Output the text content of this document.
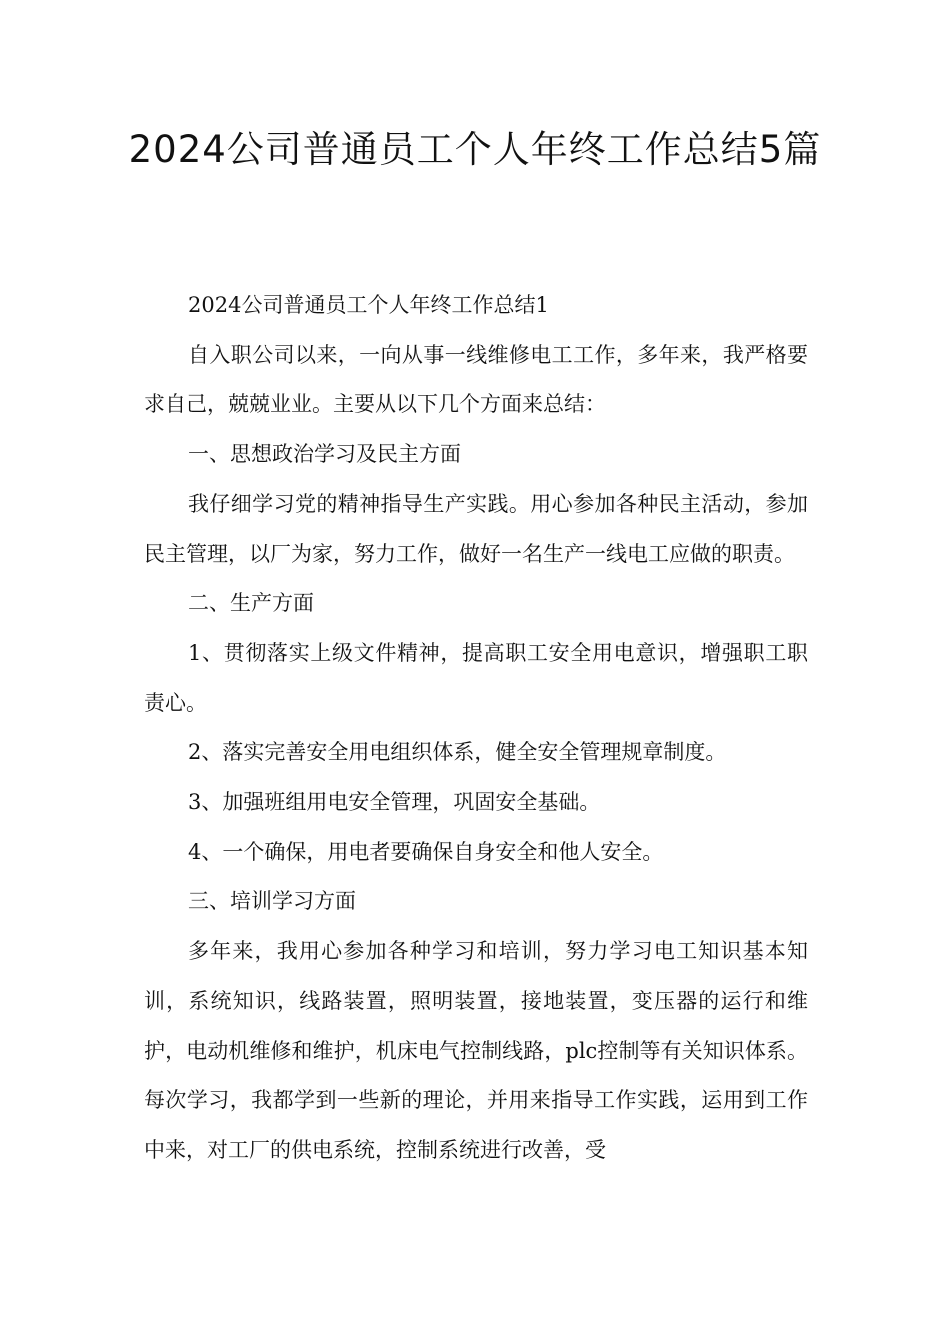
2024公司普通员工个人年终工作总结5篇

2024公司普通员工个人年终工作总结1

自入职公司以来，一向从事一线维修电工工作，多年来，我严格要求自己，兢兢业业。主要从以下几个方面来总结：

一、思想政治学习及民主方面

我仔细学习党的精神指导生产实践。用心参加各种民主活动，参加民主管理，以厂为家，努力工作，做好一名生产一线电工应做的职责。

二、生产方面

1、贯彻落实上级文件精神，提高职工安全用电意识，增强职工职责心。

2、落实完善安全用电组织体系，健全安全管理规章制度。

3、加强班组用电安全管理，巩固安全基础。

4、一个确保，用电者要确保自身安全和他人安全。

三、培训学习方面

多年来，我用心参加各种学习和培训，努力学习电工知识基本知训，系统知识，线路装置，照明装置，接地装置，变压器的运行和维护，电动机维修和维护，机床电气控制线路，plc控制等有关知识体系。每次学习，我都学到一些新的理论，并用来指导工作实践，运用到工作中来，对工厂的供电系统，控制系统进行改善，受
